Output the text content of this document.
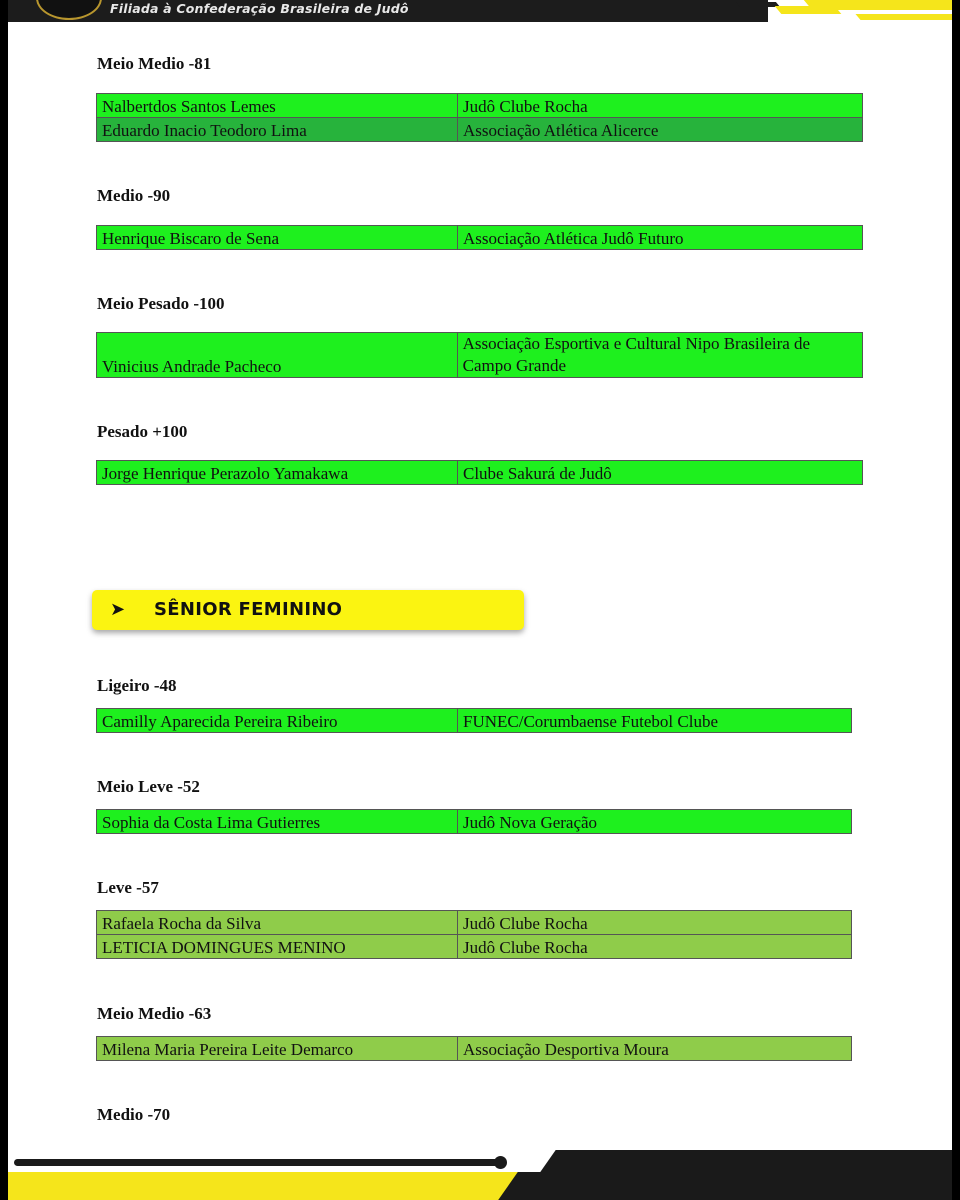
Filiada à Confederação Brasileira de Judô
Meio Medio -81
Nalbertdos Santos Lemes	Judô Clube Rocha
Eduardo Inacio Teodoro Lima	Associação Atlética Alicerce
Medio -90
Henrique Biscaro de Sena	Associação Atlética Judô Futuro
Meio Pesado -100
Vinicius Andrade Pacheco	Associação Esportiva e Cultural Nipo Brasileira de Campo Grande
Pesado +100
Jorge Henrique Perazolo Yamakawa	Clube Sakurá de Judô
➤ SÊNIOR FEMININO
Ligeiro -48
Camilly Aparecida Pereira Ribeiro	FUNEC/Corumbaense Futebol Clube
Meio Leve -52
Sophia da Costa Lima Gutierres	Judô Nova Geração
Leve -57
Rafaela Rocha da Silva	Judô Clube Rocha
LETICIA DOMINGUES MENINO	Judô Clube Rocha
Meio Medio -63
Milena Maria Pereira Leite Demarco	Associação Desportiva Moura
Medio -70
